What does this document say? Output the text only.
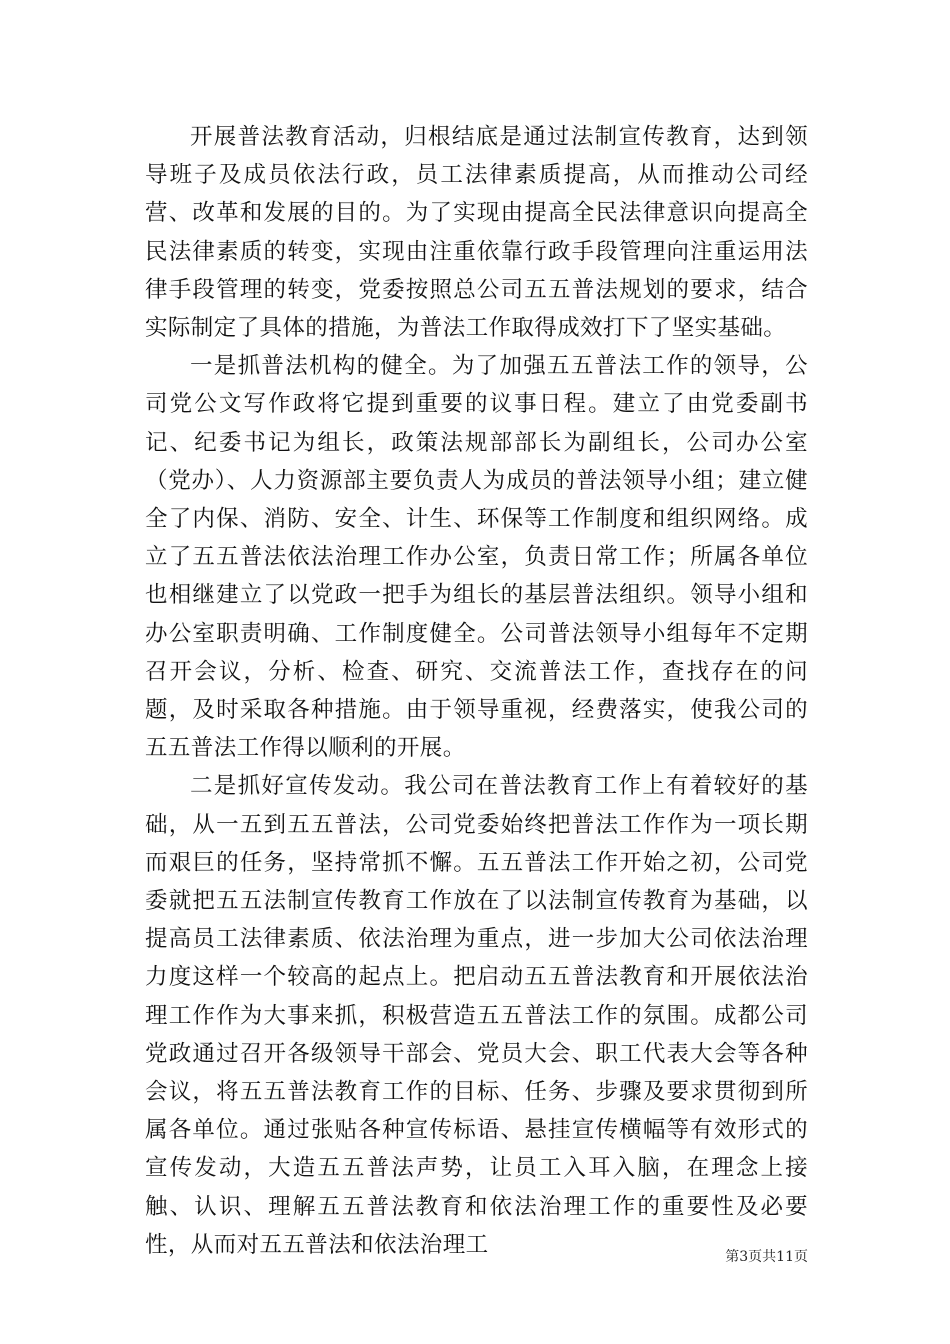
开展普法教育活动，归根结底是通过法制宣传教育，达到领导班子及成员依法行政，员工法律素质提高，从而推动公司经营、改革和发展的目的。为了实现由提高全民法律意识向提高全民法律素质的转变，实现由注重依靠行政手段管理向注重运用法律手段管理的转变，党委按照总公司五五普法规划的要求，结合实际制定了具体的措施，为普法工作取得成效打下了坚实基础。

一是抓普法机构的健全。为了加强五五普法工作的领导，公司党公文写作政将它提到重要的议事日程。建立了由党委副书记、纪委书记为组长，政策法规部部长为副组长，公司办公室（党办）、人力资源部主要负责人为成员的普法领导小组；建立健全了内保、消防、安全、计生、环保等工作制度和组织网络。成立了五五普法依法治理工作办公室，负责日常工作；所属各单位也相继建立了以党政一把手为组长的基层普法组织。领导小组和办公室职责明确、工作制度健全。公司普法领导小组每年不定期召开会议，分析、检查、研究、交流普法工作，查找存在的问题，及时采取各种措施。由于领导重视，经费落实，使我公司的五五普法工作得以顺利的开展。

二是抓好宣传发动。我公司在普法教育工作上有着较好的基础，从一五到五五普法，公司党委始终把普法工作作为一项长期而艰巨的任务，坚持常抓不懈。五五普法工作开始之初，公司党委就把五五法制宣传教育工作放在了以法制宣传教育为基础，以提高员工法律素质、依法治理为重点，进一步加大公司依法治理力度这样一个较高的起点上。把启动五五普法教育和开展依法治理工作作为大事来抓，积极营造五五普法工作的氛围。成都公司党政通过召开各级领导干部会、党员大会、职工代表大会等各种会议，将五五普法教育工作的目标、任务、步骤及要求贯彻到所属各单位。通过张贴各种宣传标语、悬挂宣传横幅等有效形式的宣传发动，大造五五普法声势，让员工入耳入脑，在理念上接触、认识、理解五五普法教育和依法治理工作的重要性及必要性，从而对五五普法和依法治理工	第3页共11页
